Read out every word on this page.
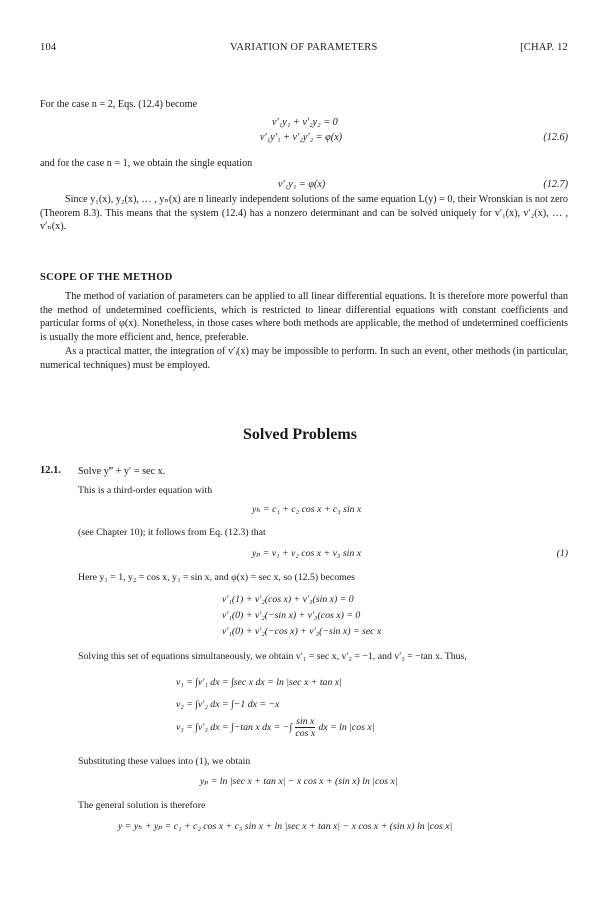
104	VARIATION OF PARAMETERS	[CHAP. 12
For the case n = 2, Eqs. (12.4) become
v′₁y₁ + v′₂y₂ = 0
v′₁y′₁ + v′₂y′₂ = φ(x)	(12.6)
and for the case n = 1, we obtain the single equation
v′₁y₁ = φ(x)	(12.7)

Since y₁(x), y₂(x), … , yₙ(x) are n linearly independent solutions of the same equation L(y) = 0, their Wronskian is not zero (Theorem 8.3). This means that the system (12.4) has a nonzero determinant and can be solved uniquely for v′₁(x), v′₂(x), … , v′ₙ(x).

SCOPE OF THE METHOD

The method of variation of parameters can be applied to all linear differential equations. It is therefore more powerful than the method of undetermined coefficients, which is restricted to linear differential equations with constant coefficients and particular forms of φ(x). Nonetheless, in those cases where both methods are applicable, the method of undetermined coefficients is usually the more efficient and, hence, preferable.

As a practical matter, the integration of v′ᵢ(x) may be impossible to perform. In such an event, other methods (in particular, numerical techniques) must be employed.

Solved Problems
12.1. Solve y‴ + y′ = sec x.
This is a third-order equation with
yₕ = c₁ + c₂ cos x + c₃ sin x
(see Chapter 10); it follows from Eq. (12.3) that
yₚ = v₁ + v₂ cos x + v₃ sin x	(1)
Here y₁ = 1, y₂ = cos x, y₃ = sin x, and φ(x) = sec x, so (12.5) becomes
v′₁(1) + v′₂(cos x) + v′₃(sin x) = 0
v′₁(0) + v′₂(−sin x) + v′₃(cos x) = 0
v′₁(0) + v′₂(−cos x) + v′₃(−sin x) = sec x
Solving this set of equations simultaneously, we obtain v′₁ = sec x, v′₂ = −1, and v′₃ = −tan x. Thus,
v₁ = ∫v′₁ dx = ∫sec x dx = ln |sec x + tan x|
v₂ = ∫v′₂ dx = ∫−1 dx = −x
v₃ = ∫v′₃ dx = ∫−tan x dx = −∫ $\frac{\text{sin x}}{\text{cos x}}$ dx = ln |cos x|
Substituting these values into (1), we obtain
yₚ = ln |sec x + tan x| − x cos x + (sin x) ln |cos x|
The general solution is therefore
y = yₕ + yₚ = c₁ + c₂ cos x + c₃ sin x + ln |sec x + tan x| − x cos x + (sin x) ln |cos x|
